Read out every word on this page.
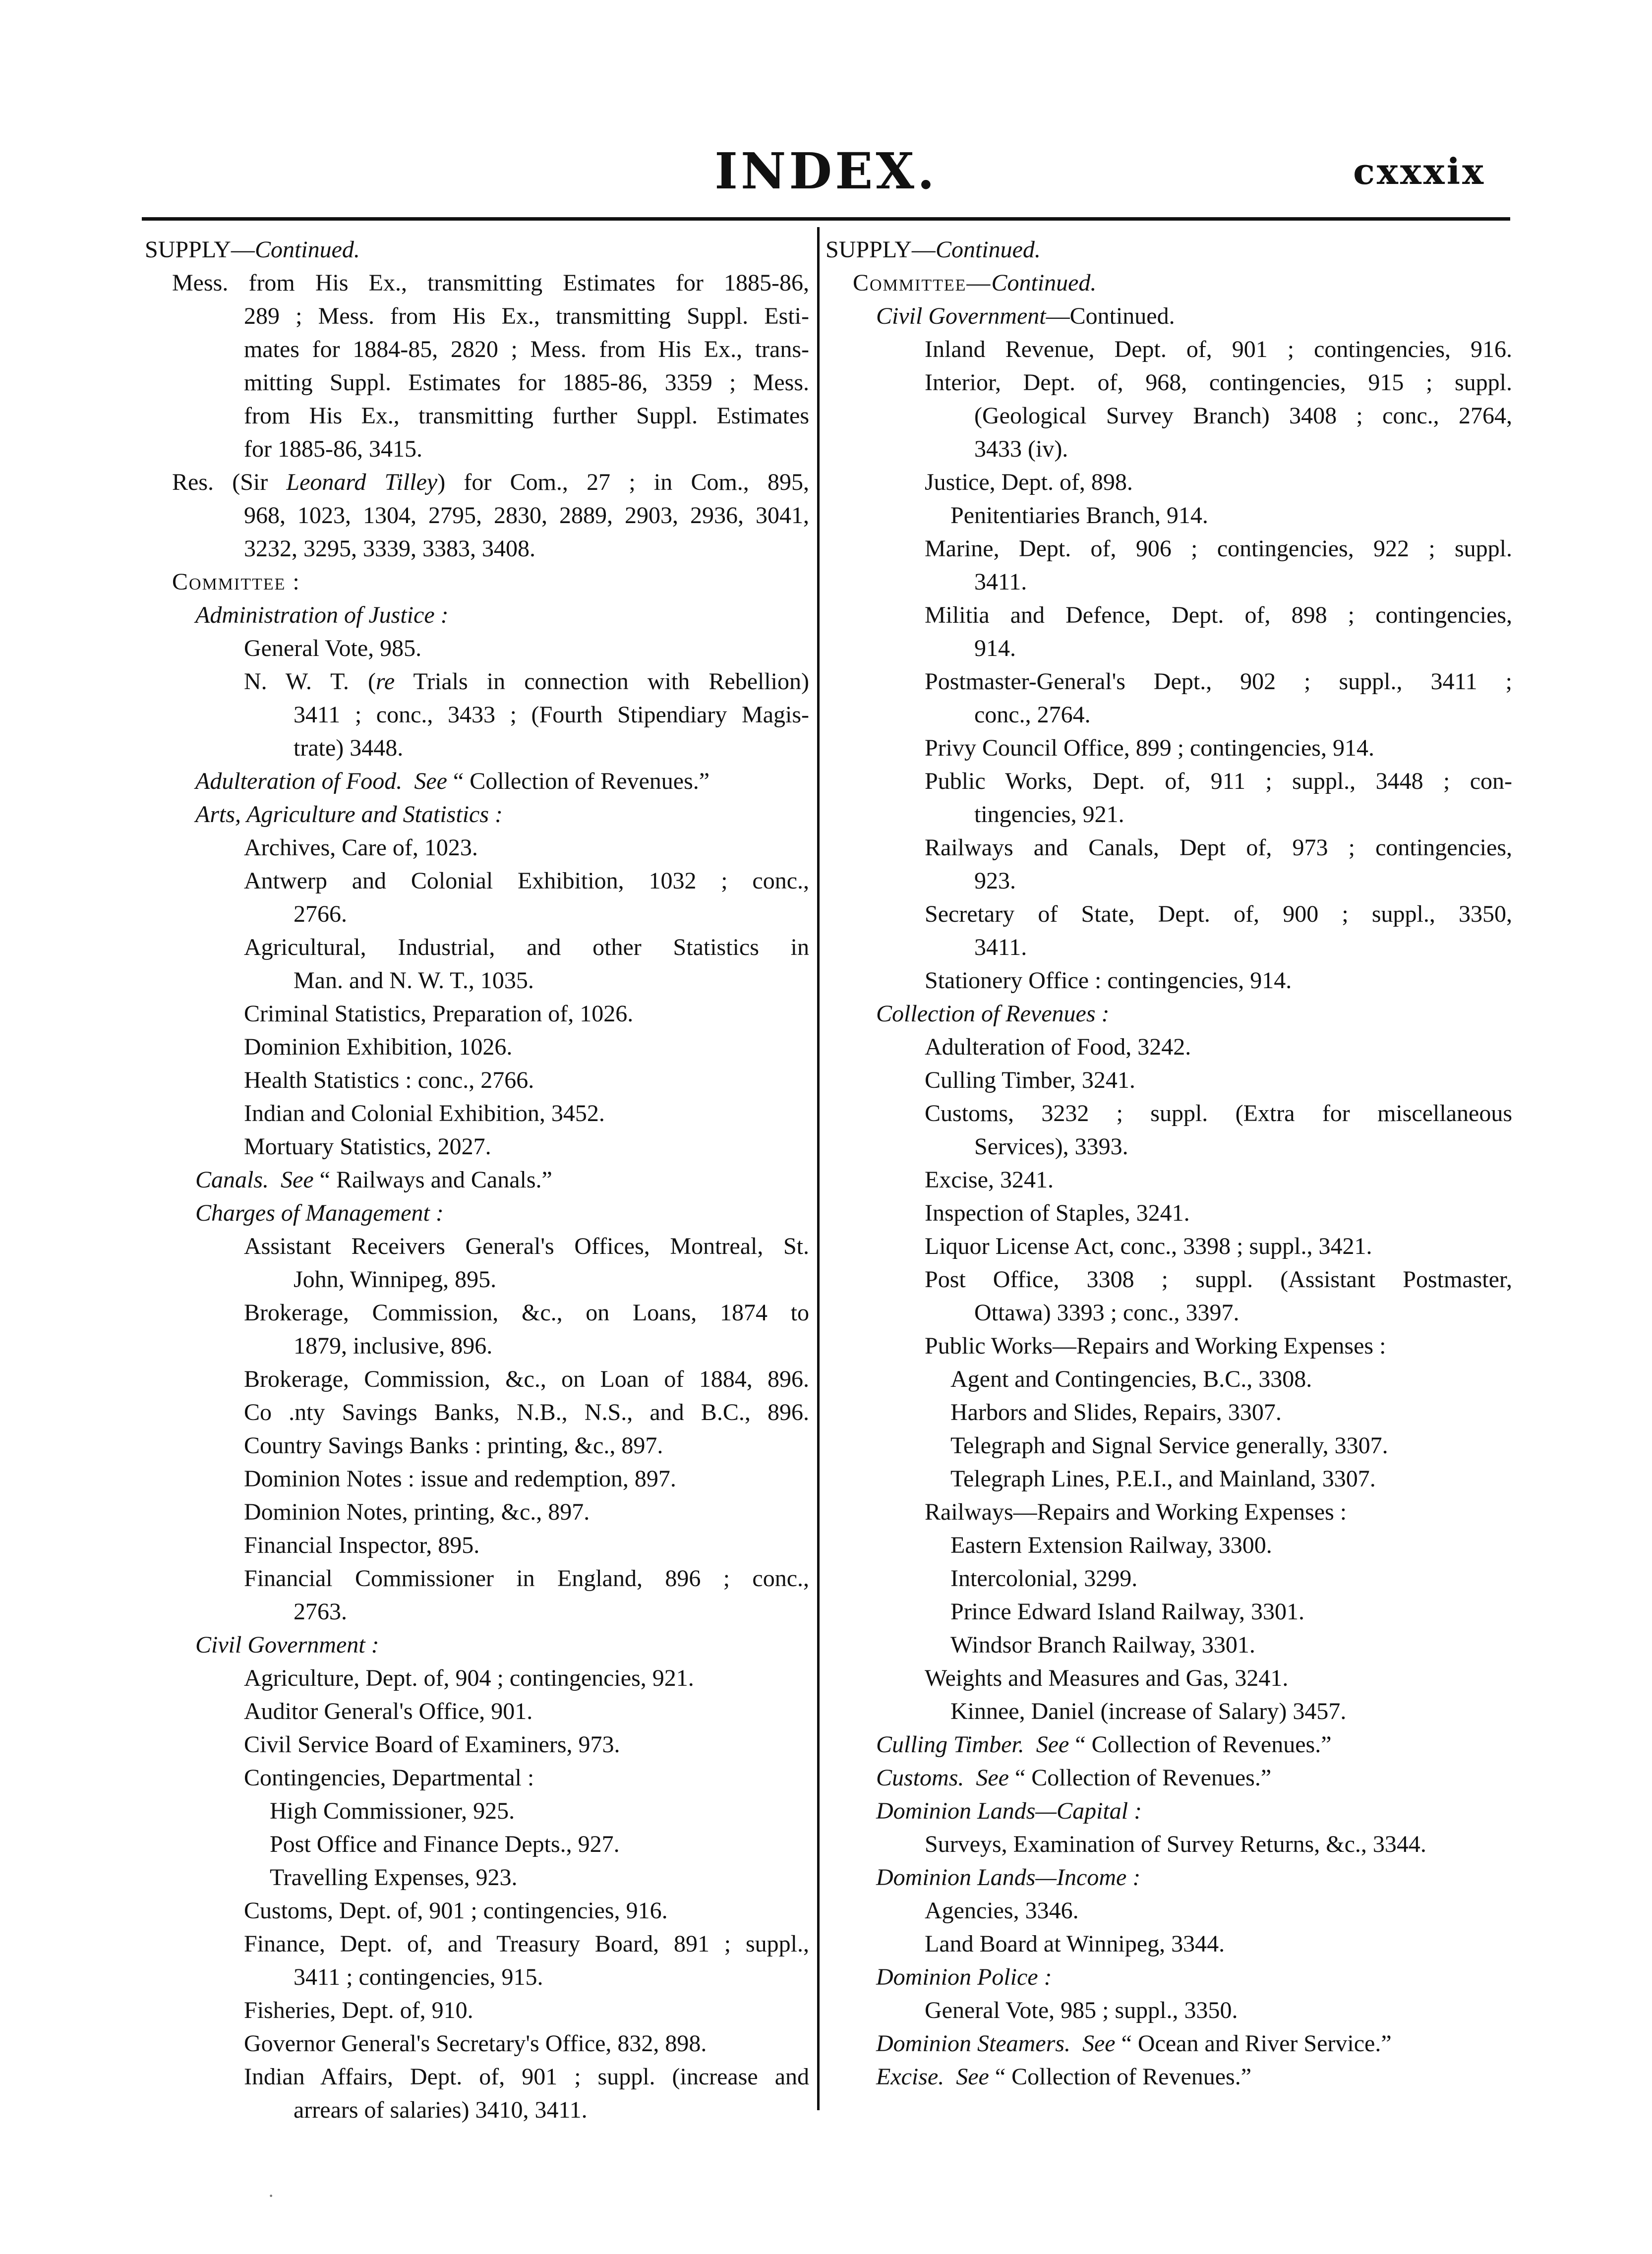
INDEX.	cxxxix
SUPPLY—Continued.
Mess. from His Ex., transmitting Estimates for 1885-86,
289 ; Mess. from His Ex., transmitting Suppl. Esti-
mates for 1884-85, 2820 ; Mess. from His Ex., trans-
mitting Suppl. Estimates for 1885-86, 3359 ; Mess.
from His Ex., transmitting further Suppl. Estimates
for 1885-86, 3415.
Res. (Sir Leonard Tilley) for Com., 27 ; in Com., 895,
968, 1023, 1304, 2795, 2830, 2889, 2903, 2936, 3041,
3232, 3295, 3339, 3383, 3408.
Committee :
Administration of Justice :
General Vote, 985.
N. W. T. (re Trials in connection with Rebellion)
3411 ; conc., 3433 ; (Fourth Stipendiary Magis-
trate) 3448.
Adulteration of Food. See “ Collection of Revenues.”
Arts, Agriculture and Statistics :
Archives, Care of, 1023.
Antwerp and Colonial Exhibition, 1032 ; conc.,
2766.
Agricultural, Industrial, and other Statistics in
Man. and N. W. T., 1035.
Criminal Statistics, Preparation of, 1026.
Dominion Exhibition, 1026.
Health Statistics : conc., 2766.
Indian and Colonial Exhibition, 3452.
Mortuary Statistics, 2027.
Canals. See “ Railways and Canals.”
Charges of Management :
Assistant Receivers General's Offices, Montreal, St.
John, Winnipeg, 895.
Brokerage, Commission, &c., on Loans, 1874 to
1879, inclusive, 896.
Brokerage, Commission, &c., on Loan of 1884, 896.
Co .nty Savings Banks, N.B., N.S., and B.C., 896.
Country Savings Banks : printing, &c., 897.
Dominion Notes : issue and redemption, 897.
Dominion Notes, printing, &c., 897.
Financial Inspector, 895.
Financial Commissioner in England, 896 ; conc.,
2763.
Civil Government :
Agriculture, Dept. of, 904 ; contingencies, 921.
Auditor General's Office, 901.
Civil Service Board of Examiners, 973.
Contingencies, Departmental :
High Commissioner, 925.
Post Office and Finance Depts., 927.
Travelling Expenses, 923.
Customs, Dept. of, 901 ; contingencies, 916.
Finance, Dept. of, and Treasury Board, 891 ; suppl.,
3411 ; contingencies, 915.
Fisheries, Dept. of, 910.
Governor General's Secretary's Office, 832, 898.
Indian Affairs, Dept. of, 901 ; suppl. (increase and
arrears of salaries) 3410, 3411.
SUPPLY—Continued.
Committee—Continued.
Civil Government—Continued.
Inland Revenue, Dept. of, 901 ; contingencies, 916.
Interior, Dept. of, 968, contingencies, 915 ; suppl.
(Geological Survey Branch) 3408 ; conc., 2764,
3433 (iv).
Justice, Dept. of, 898.
Penitentiaries Branch, 914.
Marine, Dept. of, 906 ; contingencies, 922 ; suppl.
3411.
Militia and Defence, Dept. of, 898 ; contingencies,
914.
Postmaster-General's Dept., 902 ; suppl., 3411 ;
conc., 2764.
Privy Council Office, 899 ; contingencies, 914.
Public Works, Dept. of, 911 ; suppl., 3448 ; con-
tingencies, 921.
Railways and Canals, Dept of, 973 ; contingencies,
923.
Secretary of State, Dept. of, 900 ; suppl., 3350,
3411.
Stationery Office : contingencies, 914.
Collection of Revenues :
Adulteration of Food, 3242.
Culling Timber, 3241.
Customs, 3232 ; suppl. (Extra for miscellaneous
Services), 3393.
Excise, 3241.
Inspection of Staples, 3241.
Liquor License Act, conc., 3398 ; suppl., 3421.
Post Office, 3308 ; suppl. (Assistant Postmaster,
Ottawa) 3393 ; conc., 3397.
Public Works—Repairs and Working Expenses :
Agent and Contingencies, B.C., 3308.
Harbors and Slides, Repairs, 3307.
Telegraph and Signal Service generally, 3307.
Telegraph Lines, P.E.I., and Mainland, 3307.
Railways—Repairs and Working Expenses :
Eastern Extension Railway, 3300.
Intercolonial, 3299.
Prince Edward Island Railway, 3301.
Windsor Branch Railway, 3301.
Weights and Measures and Gas, 3241.
Kinnee, Daniel (increase of Salary) 3457.
Culling Timber. See “ Collection of Revenues.”
Customs. See “ Collection of Revenues.”
Dominion Lands—Capital :
Surveys, Examination of Survey Returns, &c., 3344.
Dominion Lands—Income :
Agencies, 3346.
Land Board at Winnipeg, 3344.
Dominion Police :
General Vote, 985 ; suppl., 3350.
Dominion Steamers. See “ Ocean and River Service.”
Excise. See “ Collection of Revenues.”
·
